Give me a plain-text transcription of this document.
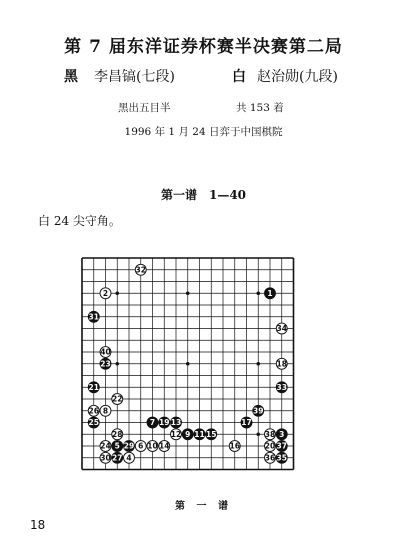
第 7 届东洋证券杯赛半决赛第二局
黑 李昌镐(七段)	白 赵治勋(九段)
黑出五目半	共 153 着
1996 年 1 月 24 日弈于中国棋院
第一谱　1—40
白 24 尖守角。
32
2	1
31
34
40
23	18
21	33
22
26 8	39
25	7 19 13	17
28	12 9 11 15	38 3
24 5 29 6 10 14	16	20 37
30 27 4	36 35
第 一 谱
18
